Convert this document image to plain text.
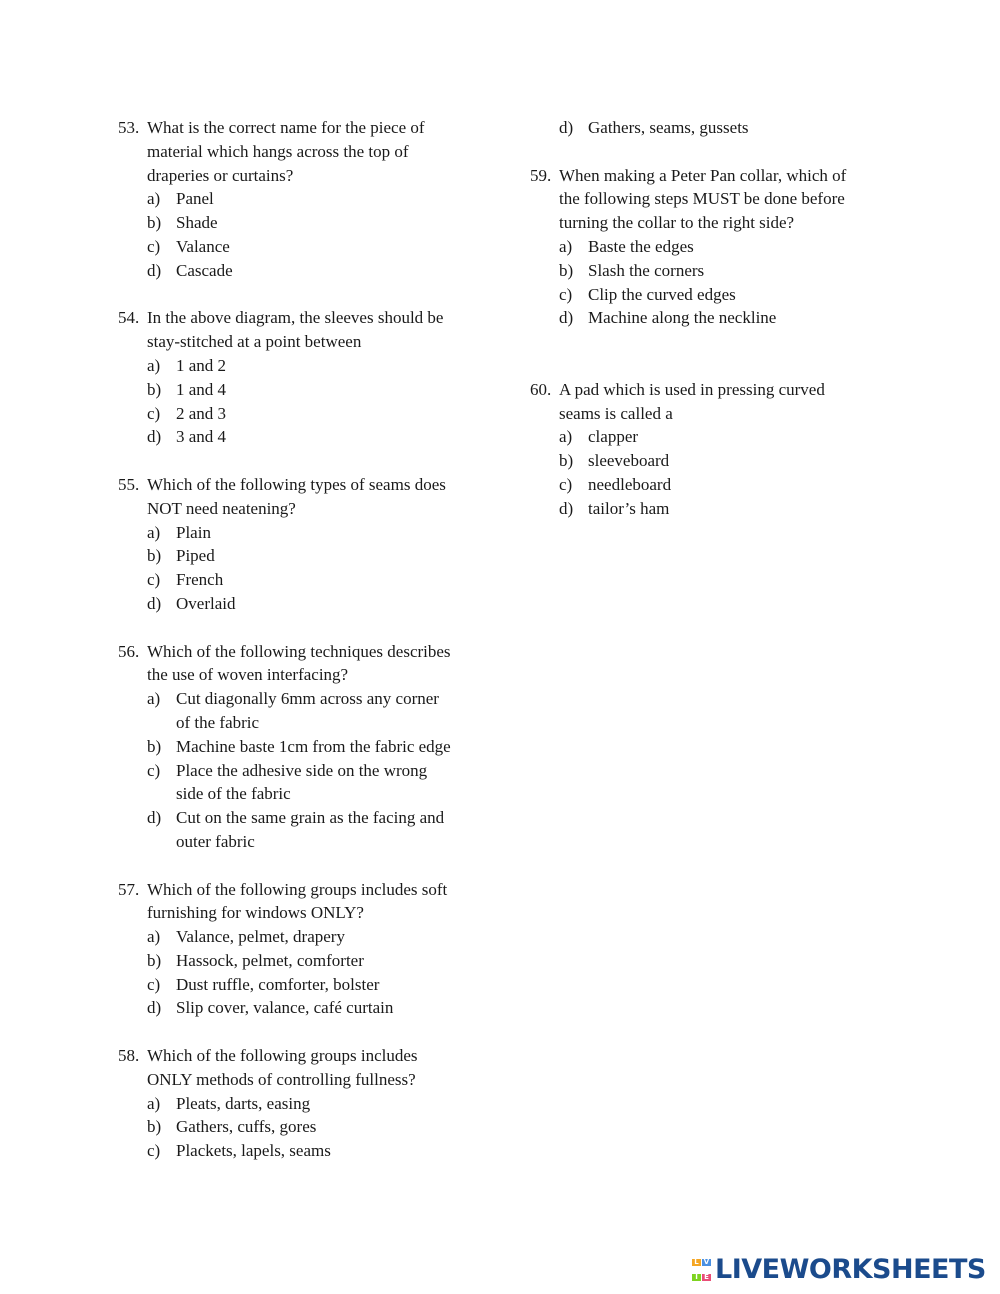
53. What is the correct name for the piece of
material which hangs across the top of
draperies or curtains?
a) Panel
b) Shade
c) Valance
d) Cascade
54. In the above diagram, the sleeves should be
stay-stitched at a point between
a) 1 and 2
b) 1 and 4
c) 2 and 3
d) 3 and 4
55. Which of the following types of seams does
NOT need neatening?
a) Plain
b) Piped
c) French
d) Overlaid
56. Which of the following techniques describes
the use of woven interfacing?
a) Cut diagonally 6mm across any corner
of the fabric
b) Machine baste 1cm from the fabric edge
c) Place the adhesive side on the wrong
side of the fabric
d) Cut on the same grain as the facing and
outer fabric
57. Which of the following groups includes soft
furnishing for windows ONLY?
a) Valance, pelmet, drapery
b) Hassock, pelmet, comforter
c) Dust ruffle, comforter, bolster
d) Slip cover, valance, café curtain
58. Which of the following groups includes
ONLY methods of controlling fullness?
a) Pleats, darts, easing
b) Gathers, cuffs, gores
c) Plackets, lapels, seams
d) Gathers, seams, gussets
59. When making a Peter Pan collar, which of
the following steps MUST be done before
turning the collar to the right side?
a) Baste the edges
b) Slash the corners
c) Clip the curved edges
d) Machine along the neckline
60. A pad which is used in pressing curved
seams is called a
a) clapper
b) sleeveboard
c) needleboard
d) tailor’s ham
L
I
V
E LIVEWORKSHEETS
